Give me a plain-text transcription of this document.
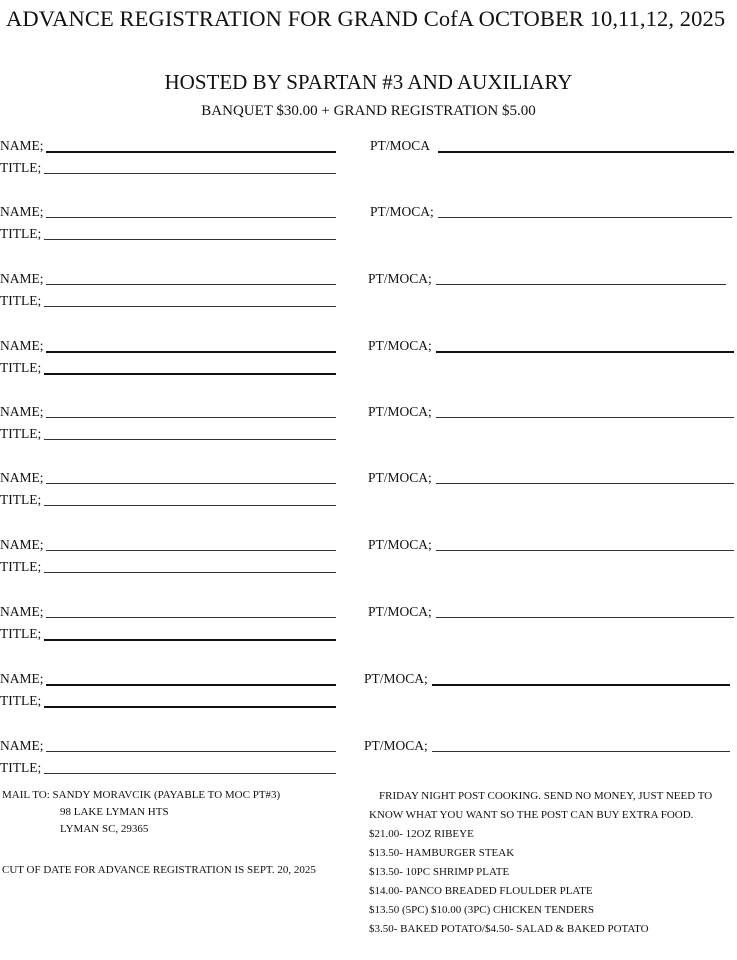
ADVANCE REGISTRATION FOR GRAND CofA OCTOBER 10,11,12, 2025
HOSTED BY SPARTAN #3 AND AUXILIARY
BANQUET $30.00 + GRAND REGISTRATION $5.00
NAME;	PT/MOCA
TITLE;
NAME;	PT/MOCA;
TITLE;
NAME;	PT/MOCA;
TITLE;
NAME;	PT/MOCA;
TITLE;
NAME;	PT/MOCA;
TITLE;
NAME;	PT/MOCA;
TITLE;
NAME;	PT/MOCA;
TITLE;
NAME;	PT/MOCA;
TITLE;
NAME;	PT/MOCA;
TITLE;
NAME;	PT/MOCA;
TITLE;
MAIL TO: SANDY MORAVCIK (PAYABLE TO MOC PT#3)
98 LAKE LYMAN HTS
LYMAN SC, 29365
CUT OF DATE FOR ADVANCE REGISTRATION IS SEPT. 20, 2025
FRIDAY NIGHT POST COOKING. SEND NO MONEY, JUST NEED TO KNOW WHAT YOU WANT SO THE POST CAN BUY EXTRA FOOD.
$21.00- 12OZ RIBEYE
$13.50- HAMBURGER STEAK
$13.50- 10PC SHRIMP PLATE
$14.00- PANCO BREADED FLOULDER PLATE
$13.50 (5PC) $10.00 (3PC) CHICKEN TENDERS
$3.50- BAKED POTATO/$4.50- SALAD & BAKED POTATO
